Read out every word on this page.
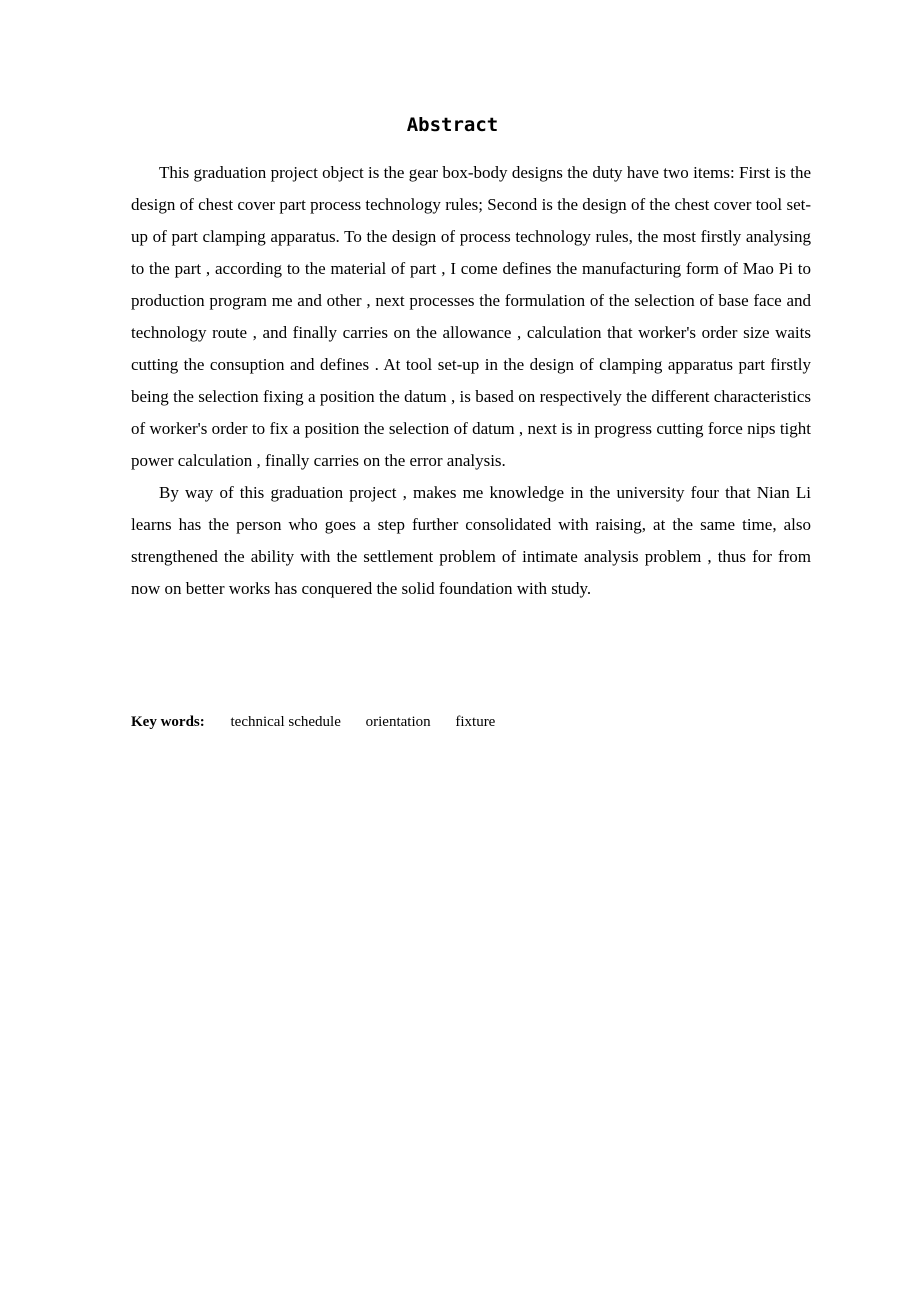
Abstract

This graduation project object is the gear box-body designs the duty have two items: First is the design of chest cover part process technology rules; Second is the design of the chest cover tool set-up of part clamping apparatus. To the design of process technology rules, the most firstly analysing to the part , according to the material of part , I come defines the manufacturing form of Mao Pi to production program me and other , next processes the formulation of the selection of base face and technology route , and finally carries on the allowance , calculation that worker's order size waits cutting the consuption and defines . At tool set-up in the design of clamping apparatus part firstly being the selection fixing a position the datum , is based on respectively the different characteristics of worker's order to fix a position the selection of datum , next is in progress cutting force nips tight power calculation , finally carries on the error analysis.

By way of this graduation project , makes me knowledge in the university four that Nian Li learns has the person who goes a step further consolidated with raising, at the same time, also strengthened the ability with the settlement problem of intimate analysis problem , thus for from now on better works has conquered the solid foundation with study.

Key words: technical schedule orientation fixture
